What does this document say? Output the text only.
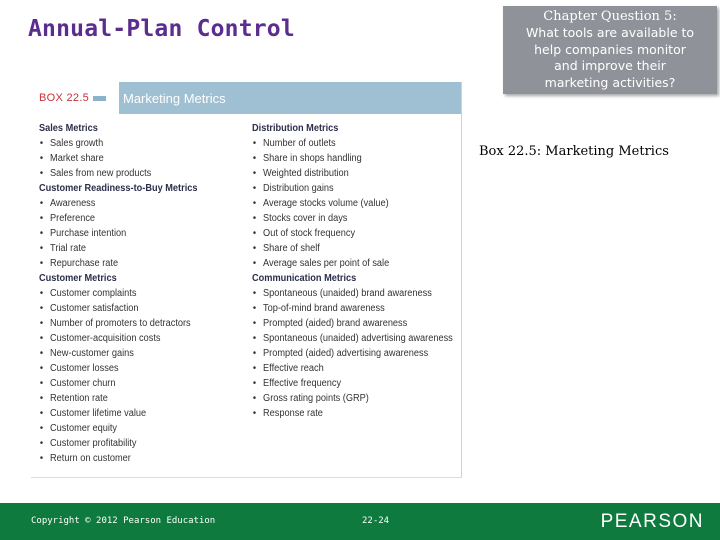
Annual-Plan Control	Chapter Question 5:
What tools are available to
help companies monitor
and improve their
marketing activities?
Box 22.5: Marketing Metrics
BOX 22.5	Marketing Metrics
Sales Metrics
• Sales growth
• Market share
• Sales from new products
Customer Readiness-to-Buy Metrics
• Awareness
• Preference
• Purchase intention
• Trial rate
• Repurchase rate
Customer Metrics
• Customer complaints
• Customer satisfaction
• Number of promoters to detractors
• Customer-acquisition costs
• New-customer gains
• Customer losses
• Customer churn
• Retention rate
• Customer lifetime value
• Customer equity
• Customer profitability
• Return on customer
Distribution Metrics
• Number of outlets
• Share in shops handling
• Weighted distribution
• Distribution gains
• Average stocks volume (value)
• Stocks cover in days
• Out of stock frequency
• Share of shelf
• Average sales per point of sale
Communication Metrics
• Spontaneous (unaided) brand awareness
• Top-of-mind brand awareness
• Prompted (aided) brand awareness
• Spontaneous (unaided) advertising awareness
• Prompted (aided) advertising awareness
• Effective reach
• Effective frequency
• Gross rating points (GRP)
• Response rate
Copyright © 2012 Pearson Education	22-24	PEARSON
